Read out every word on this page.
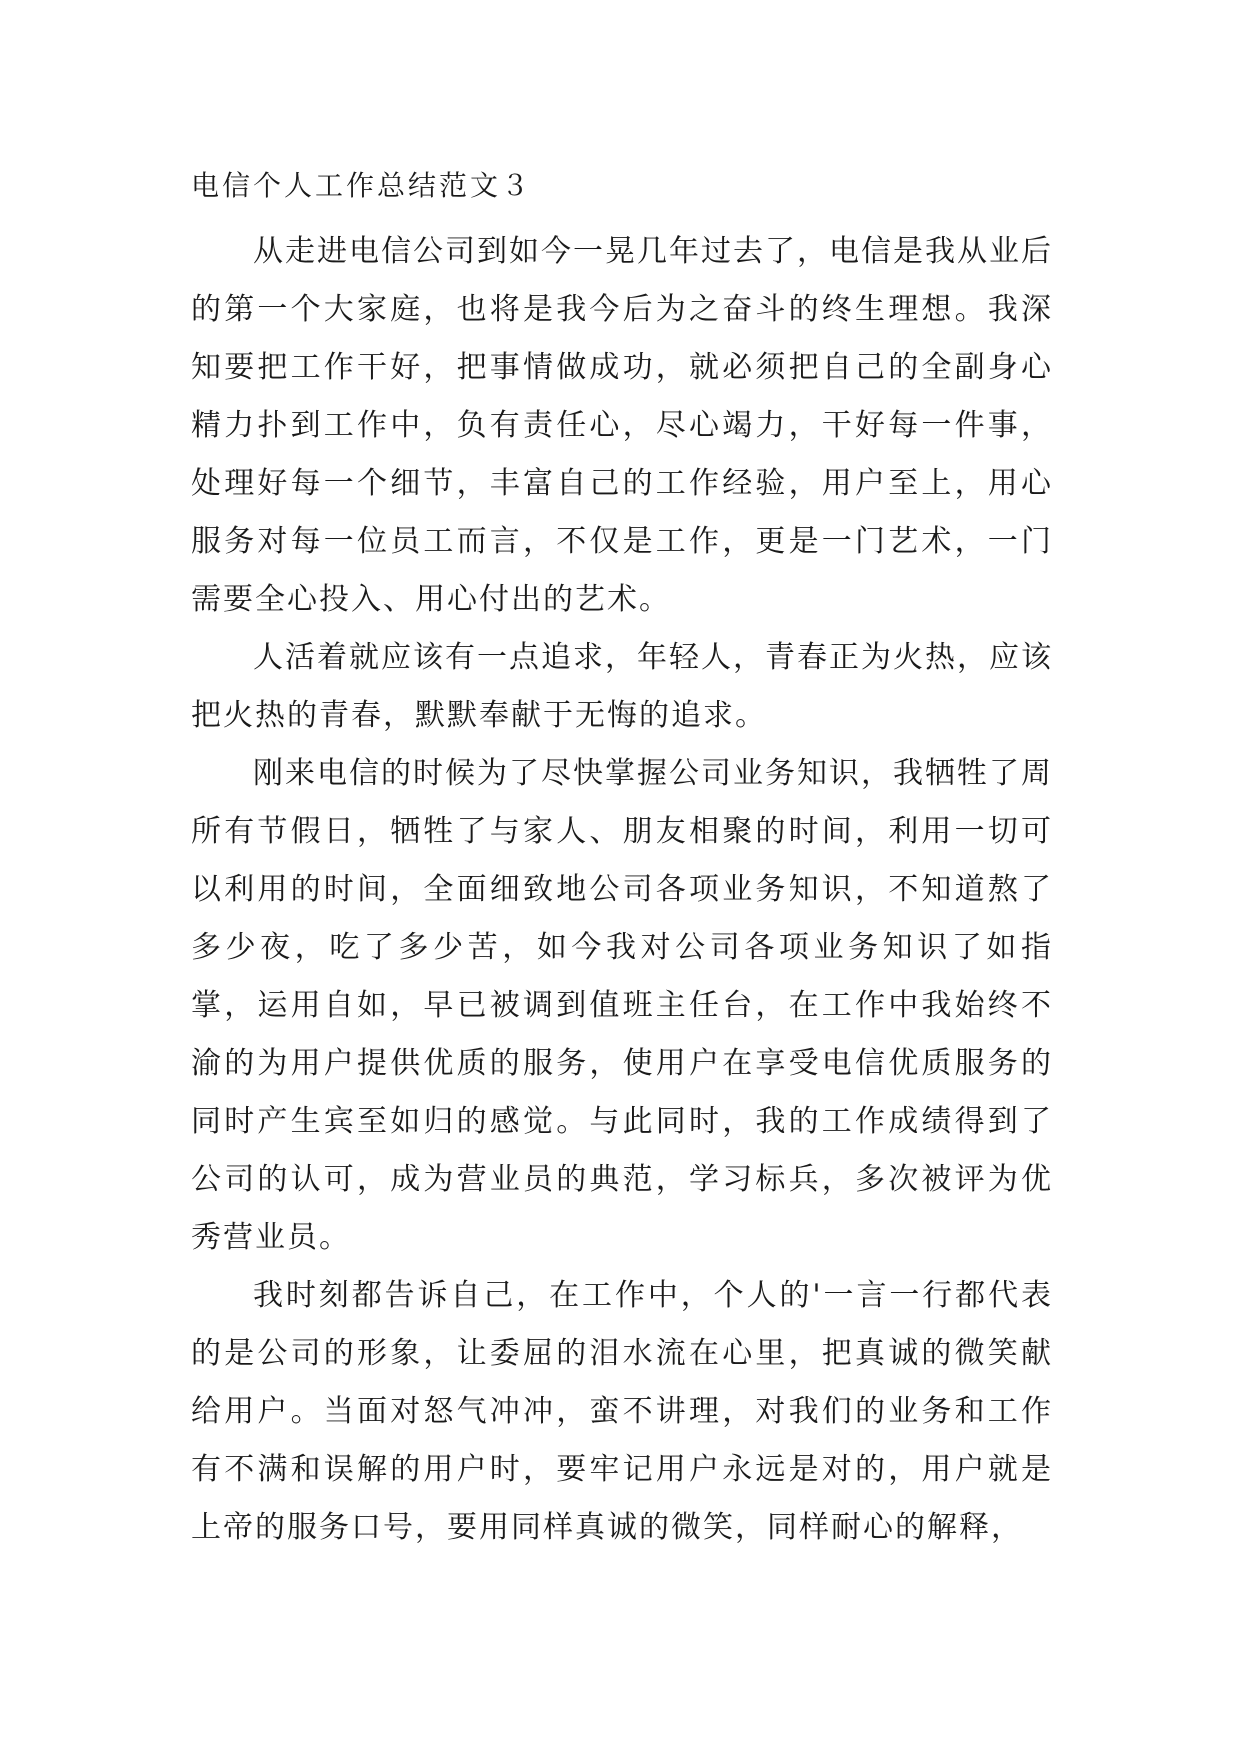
电信个人工作总结范文３

从走进电信公司到如今一晃几年过去了，电信是我从业后的第一个大家庭，也将是我今后为之奋斗的终生理想。我深知要把工作干好，把事情做成功，就必须把自己的全副身心精力扑到工作中，负有责任心，尽心竭力，干好每一件事，处理好每一个细节，丰富自己的工作经验，用户至上，用心服务对每一位员工而言，不仅是工作，更是一门艺术，一门需要全心投入、用心付出的艺术。

人活着就应该有一点追求，年轻人，青春正为火热，应该把火热的青春，默默奉献于无悔的追求。

刚来电信的时候为了尽快掌握公司业务知识，我牺牲了周所有节假日，牺牲了与家人、朋友相聚的时间，利用一切可以利用的时间，全面细致地公司各项业务知识，不知道熬了多少夜，吃了多少苦，如今我对公司各项业务知识了如指掌，运用自如，早已被调到值班主任台，在工作中我始终不渝的为用户提供优质的服务，使用户在享受电信优质服务的同时产生宾至如归的感觉。与此同时，我的工作成绩得到了公司的认可，成为营业员的典范，学习标兵，多次被评为优秀营业员。

我时刻都告诉自己，在工作中，个人的'一言一行都代表的是公司的形象，让委屈的泪水流在心里，把真诚的微笑献给用户。当面对怒气冲冲，蛮不讲理，对我们的业务和工作有不满和误解的用户时，要牢记用户永远是对的，用户就是上帝的服务口号，要用同样真诚的微笑，同样耐心的解释，
